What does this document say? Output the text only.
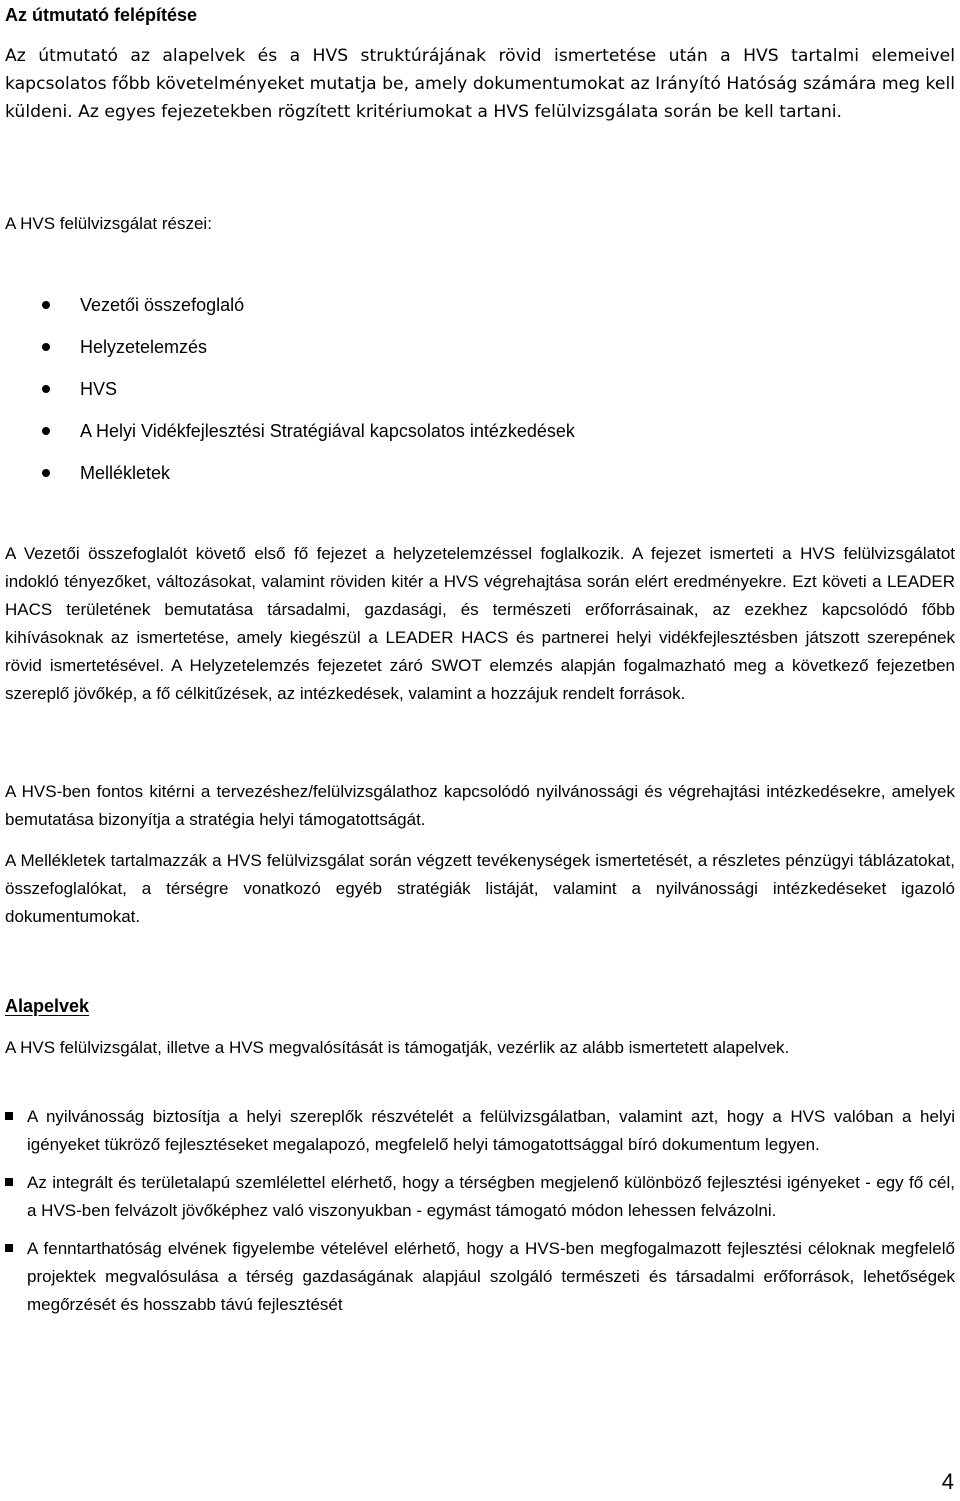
Az útmutató felépítése
Az útmutató az alapelvek és a HVS struktúrájának rövid ismertetése után a HVS tartalmi elemeivel kapcsolatos főbb követelményeket mutatja be, amely dokumentumokat az Irányító Hatóság számára meg kell küldeni. Az egyes fejezetekben rögzített kritériumokat a HVS felülvizsgálata során be kell tartani.
A HVS felülvizsgálat részei:
Vezetői összefoglaló
Helyzetelemzés
HVS
A Helyi Vidékfejlesztési Stratégiával kapcsolatos intézkedések
Mellékletek
A Vezetői összefoglalót követő első fő fejezet a helyzetelemzéssel foglalkozik. A fejezet ismerteti a HVS felülvizsgálatot indokló tényezőket, változásokat, valamint röviden kitér a HVS végrehajtása során elért eredményekre. Ezt követi a LEADER HACS területének bemutatása társadalmi, gazdasági, és természeti erőforrásainak, az ezekhez kapcsolódó főbb kihívásoknak az ismertetése, amely kiegészül a LEADER HACS és partnerei helyi vidékfejlesztésben játszott szerepének rövid ismertetésével. A Helyzetelemzés fejezetet záró SWOT elemzés alapján fogalmazható meg a következő fejezetben szereplő jövőkép, a fő célkitűzések, az intézkedések, valamint a hozzájuk rendelt források.
A HVS-ben fontos kitérni a tervezéshez/felülvizsgálathoz kapcsolódó nyilvánossági és végrehajtási intézkedésekre, amelyek bemutatása bizonyítja a stratégia helyi támogatottságát.
A Mellékletek tartalmazzák a HVS felülvizsgálat során végzett tevékenységek ismertetését, a részletes pénzügyi táblázatokat, összefoglalókat, a térségre vonatkozó egyéb stratégiák listáját, valamint a nyilvánossági intézkedéseket igazoló dokumentumokat.
Alapelvek
A HVS felülvizsgálat, illetve a HVS megvalósítását is támogatják, vezérlik az alább ismertetett alapelvek.
A nyilvánosság biztosítja a helyi szereplők részvételét a felülvizsgálatban, valamint azt, hogy a HVS valóban a helyi igényeket tükröző fejlesztéseket megalapozó, megfelelő helyi támogatottsággal bíró dokumentum legyen.
Az integrált és területalapú szemlélettel elérhető, hogy a térségben megjelenő különböző fejlesztési igényeket - egy fő cél, a HVS-ben felvázolt jövőképhez való viszonyukban - egymást támogató módon lehessen felvázolni.
A fenntarthatóság elvének figyelembe vételével elérhető, hogy a HVS-ben megfogalmazott fejlesztési céloknak megfelelő projektek megvalósulása a térség gazdaságának alapjául szolgáló természeti és társadalmi erőforrások, lehetőségek megőrzését és hosszabb távú fejlesztését
4
